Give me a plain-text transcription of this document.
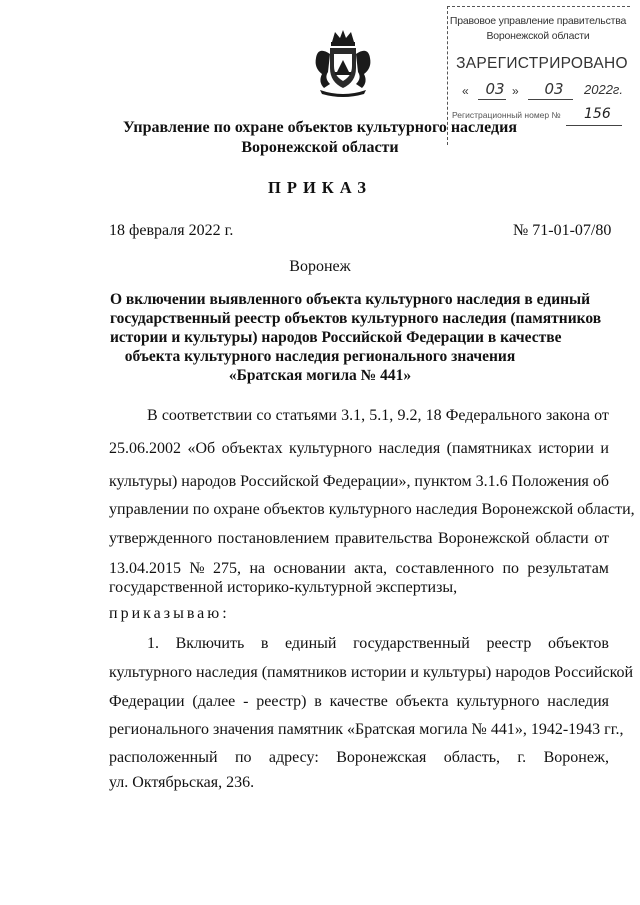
Правовое управление правительства
Воронежской области
ЗАРЕГИСТРИРОВАНО
«	03 »	03	2022г.
Регистрационный номер № 156
Управление по охране объектов культурного наследия
Воронежской области
ПРИКАЗ
18 февраля 2022 г.	№ 71-01-07/80
Воронеж
О включении выявленного объекта культурного наследия в единый
государственный реестр объектов культурного наследия (памятников
истории и культуры) народов Российской Федерации в качестве
объекта культурного наследия регионального значения
«Братская могила № 441»
В соответствии со статьями 3.1, 5.1, 9.2, 18 Федерального закона от
25.06.2002 «Об объектах культурного наследия (памятниках истории и
культуры) народов Российской Федерации», пунктом 3.1.6 Положения об
управлении по охране объектов культурного наследия Воронежской области,
утвержденного постановлением правительства Воронежской области от
13.04.2015 № 275, на основании акта, составленного по результатам
государственной историко-культурной экспертизы,
приказываю:
1. Включить в единый государственный реестр объектов
культурного наследия (памятников истории и культуры) народов Российской
Федерации (далее - реестр) в качестве объекта культурного наследия
регионального значения памятник «Братская могила № 441», 1942-1943 гг.,
расположенный по адресу: Воронежская область, г. Воронеж,
ул. Октябрьская, 236.
